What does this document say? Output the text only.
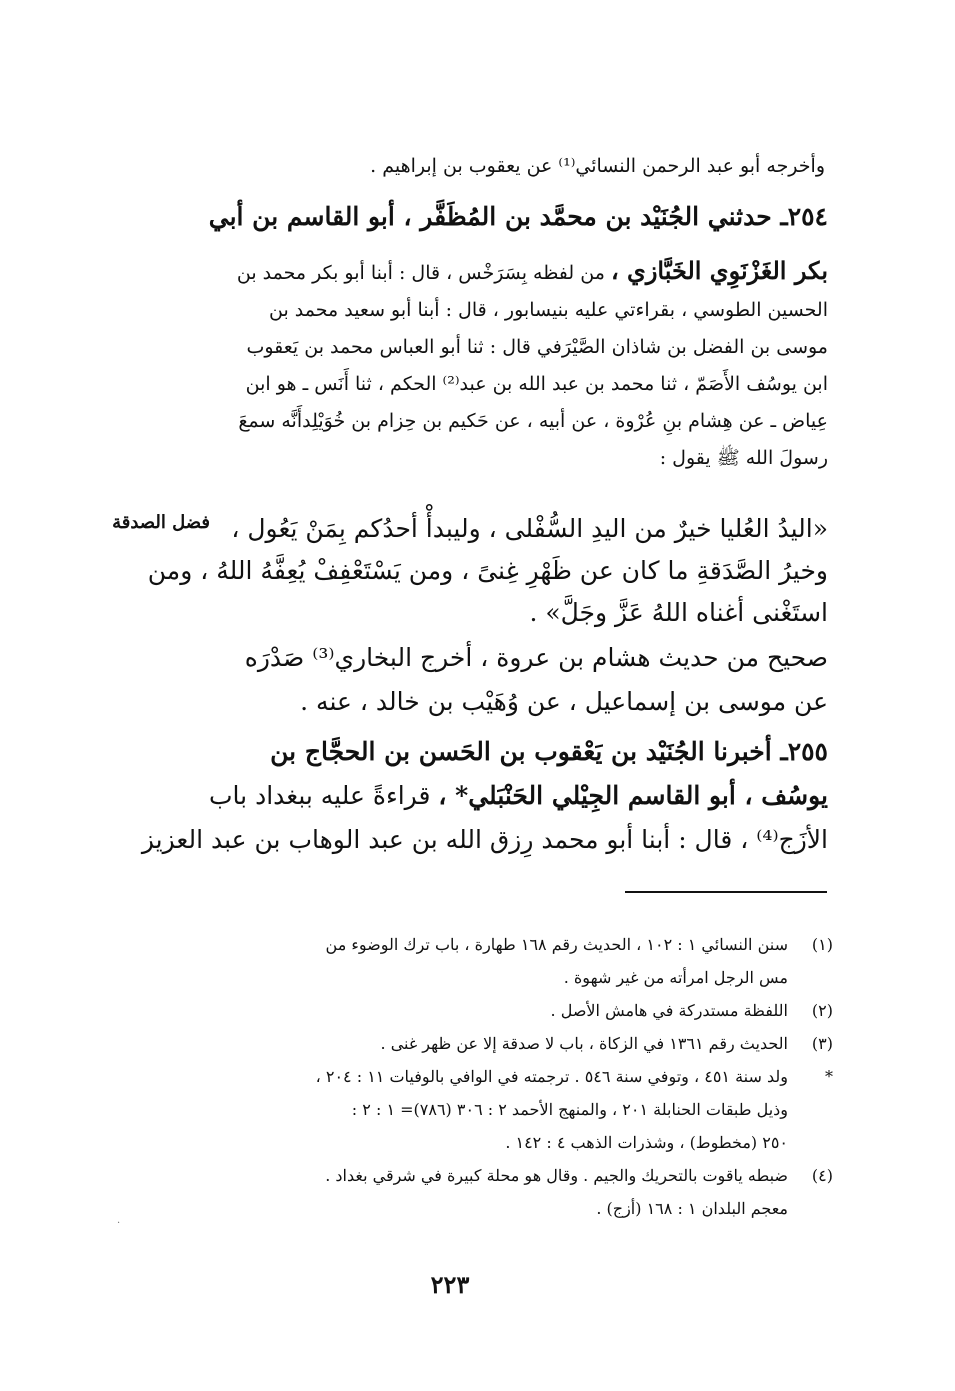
وأخرجه أبو عبد الرحمن النسائي⁽¹⁾ عن يعقوب بن إبراهيم .
٢٥٤ـ حدثني الجُنَيْد بن محمَّد بن المُظَفَّر ، أبو القاسم بن أبي
بكر الغَزْنَوِي الخَبَّازي ، من لفظه بِسَرَخْس ، قال : أبنا أبو بكر محمد بن
الحسين الطوسي ، بقراءتي عليه بنيسابور ، قال : أبنا أبو سعيد محمد بن
موسى بن الفضل بن شاذان الصَّيْرَفي قال : ثنا أبو العباس محمد بن يَعقوب
ابن يوسُف الأَصَمّ ، ثنا محمد بن عبد الله بن عبد⁽²⁾ الحكم ، ثنا أَنَس ـ هو ابن
عِياض ـ عن هِشام بنِ عُرْوة ، عن أبيه ، عن حَكيم بن حِزام بن خُوَيْلِدأَنَّه سمعَ
رسولَ الله ﷺ يقول :
فضل الصدقة «اليدُ العُليا خيرٌ من اليدِ السُّفْلى ، وليبدأْ أحدُكم بِمَنْ يَعُول ،
وخيرُ الصَّدَقةِ ما كان عن ظَهْرِ غِنىً ، ومن يَسْتَعْفِفْ يُعِفَّهُ اللهُ ، ومن
استَغْنى أغناه اللهُ عَزَّ وجَلَّ» .
صحيح من حديث هشام بن عروة ، أخرج البخاري⁽³⁾ صَدْرَه
عن موسى بن إسماعيل ، عن وُهَيْب بن خالد ، عنه .
٢٥٥ـ أخبرنا الجُنَيْد بن يَعْقوب بن الحَسن بن الحجَّاج بن
يوسُف ، أبو القاسم الجِيْلي الحَنْبَلي* ، قراءةً عليه ببغداد باب
الأزَج⁽⁴⁾ ، قال : أبنا أبو محمد رِزق الله بن عبد الوهاب بن عبد العزيز
(١)
سنن النسائي ١ : ١٠٢ ، الحديث رقم ١٦٨ طهارة ، باب ترك الوضوء من
مس الرجل امرأته من غير شهوة .
(٢)
اللفظة مستدركة في هامش الأصل .
(٣)
الحديث رقم ١٣٦١ في الزكاة ، باب لا صدقة إلا عن ظهر غنى .
*
ولد سنة ٤٥١ ، وتوفي سنة ٥٤٦ . ترجمته في الوافي بالوفيات ١١ : ٢٠٤ ،
وذيل طبقات الحنابلة ٢٠١ ، والمنهج الأحمد ٢ : ٣٠٦ (٧٨٦)= ١ : ٢ :
٢٥٠ (مخطوط) ، وشذرات الذهب ٤ : ١٤٢ .
(٤)
ضبطه ياقوت بالتحريك والجيم . وقال هو محلة كبيرة في شرقي بغداد .
معجم البلدان ١ : ١٦٨ (أزج) .
·
٢٢٣
